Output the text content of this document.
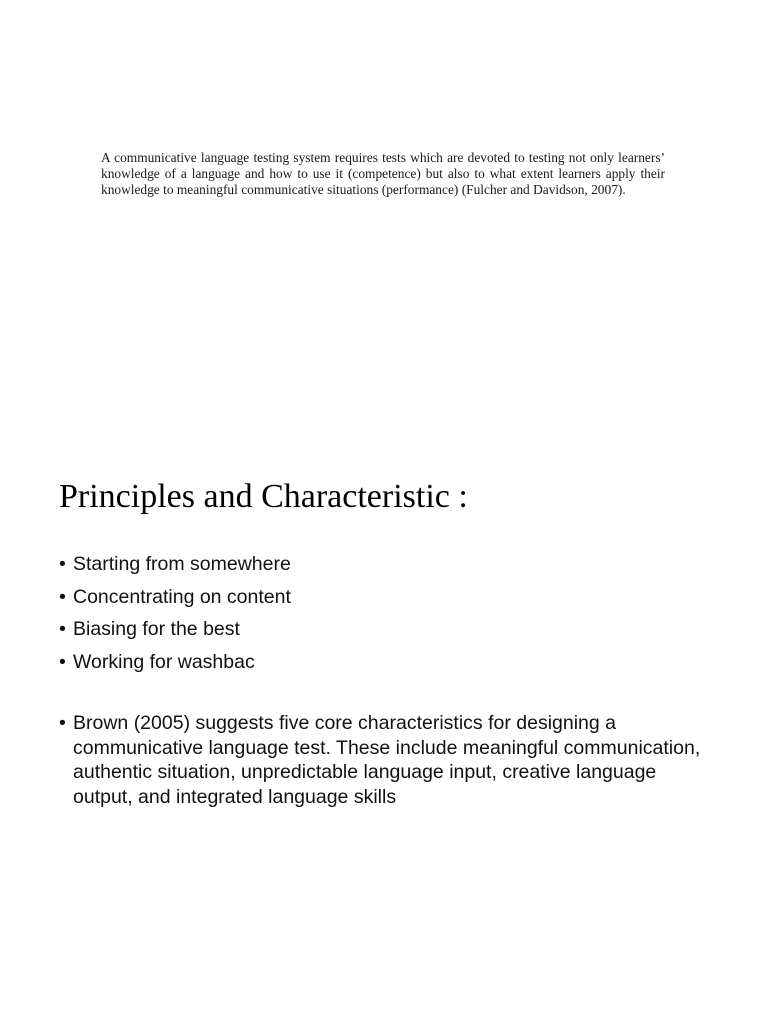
A communicative language testing system requires tests which are devoted to testing not only learners’ knowledge of a language and how to use it (competence) but also to what extent learners apply their knowledge to meaningful communicative situations (performance) (Fulcher and Davidson, 2007).

Principles and Characteristic :
• Starting from somewhere
• Concentrating on content
• Biasing for the best
• Working for washbac
• Brown (2005) suggests five core characteristics for designing a communicative language test. These include meaningful communication, authentic situation, unpredictable language input, creative language output, and integrated language skills
